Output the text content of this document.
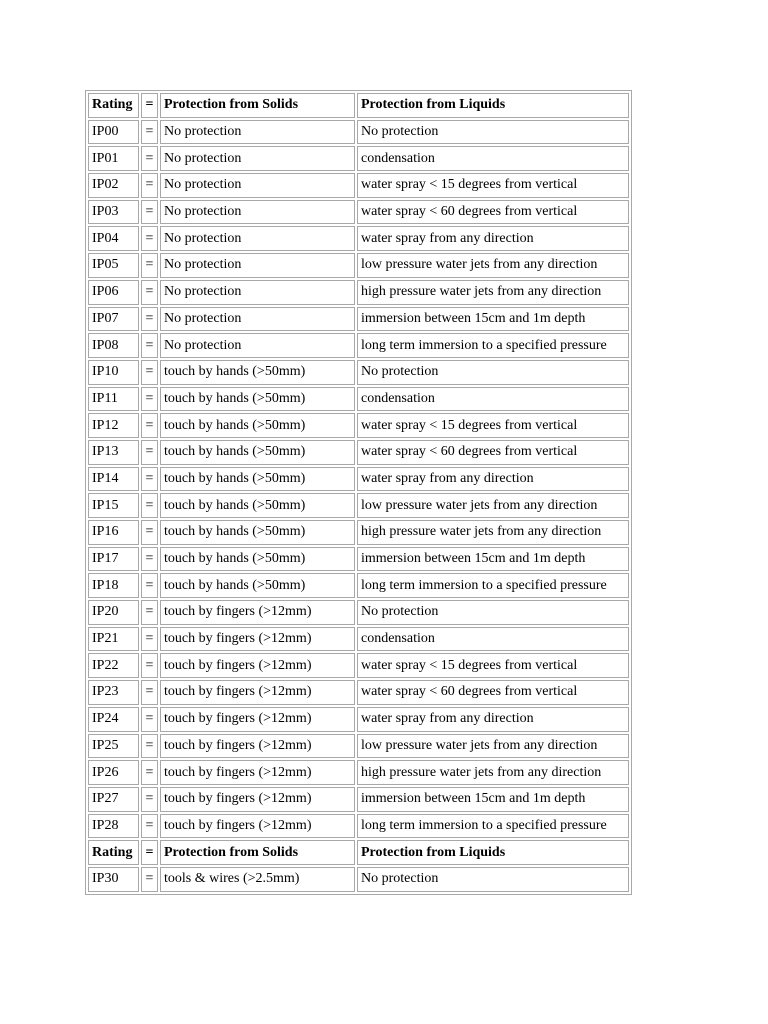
Rating	=	Protection from Solids	Protection from Liquids
IP00	=	No protection	No protection
IP01	=	No protection	condensation
IP02	=	No protection	water spray < 15 degrees from vertical
IP03	=	No protection	water spray < 60 degrees from vertical
IP04	=	No protection	water spray from any direction
IP05	=	No protection	low pressure water jets from any direction
IP06	=	No protection	high pressure water jets from any direction
IP07	=	No protection	immersion between 15cm and 1m depth
IP08	=	No protection	long term immersion to a specified pressure
IP10	=	touch by hands (>50mm)	No protection
IP11	=	touch by hands (>50mm)	condensation
IP12	=	touch by hands (>50mm)	water spray < 15 degrees from vertical
IP13	=	touch by hands (>50mm)	water spray < 60 degrees from vertical
IP14	=	touch by hands (>50mm)	water spray from any direction
IP15	=	touch by hands (>50mm)	low pressure water jets from any direction
IP16	=	touch by hands (>50mm)	high pressure water jets from any direction
IP17	=	touch by hands (>50mm)	immersion between 15cm and 1m depth
IP18	=	touch by hands (>50mm)	long term immersion to a specified pressure
IP20	=	touch by fingers (>12mm)	No protection
IP21	=	touch by fingers (>12mm)	condensation
IP22	=	touch by fingers (>12mm)	water spray < 15 degrees from vertical
IP23	=	touch by fingers (>12mm)	water spray < 60 degrees from vertical
IP24	=	touch by fingers (>12mm)	water spray from any direction
IP25	=	touch by fingers (>12mm)	low pressure water jets from any direction
IP26	=	touch by fingers (>12mm)	high pressure water jets from any direction
IP27	=	touch by fingers (>12mm)	immersion between 15cm and 1m depth
IP28	=	touch by fingers (>12mm)	long term immersion to a specified pressure
Rating	=	Protection from Solids	Protection from Liquids
IP30	=	tools & wires (>2.5mm)	No protection
